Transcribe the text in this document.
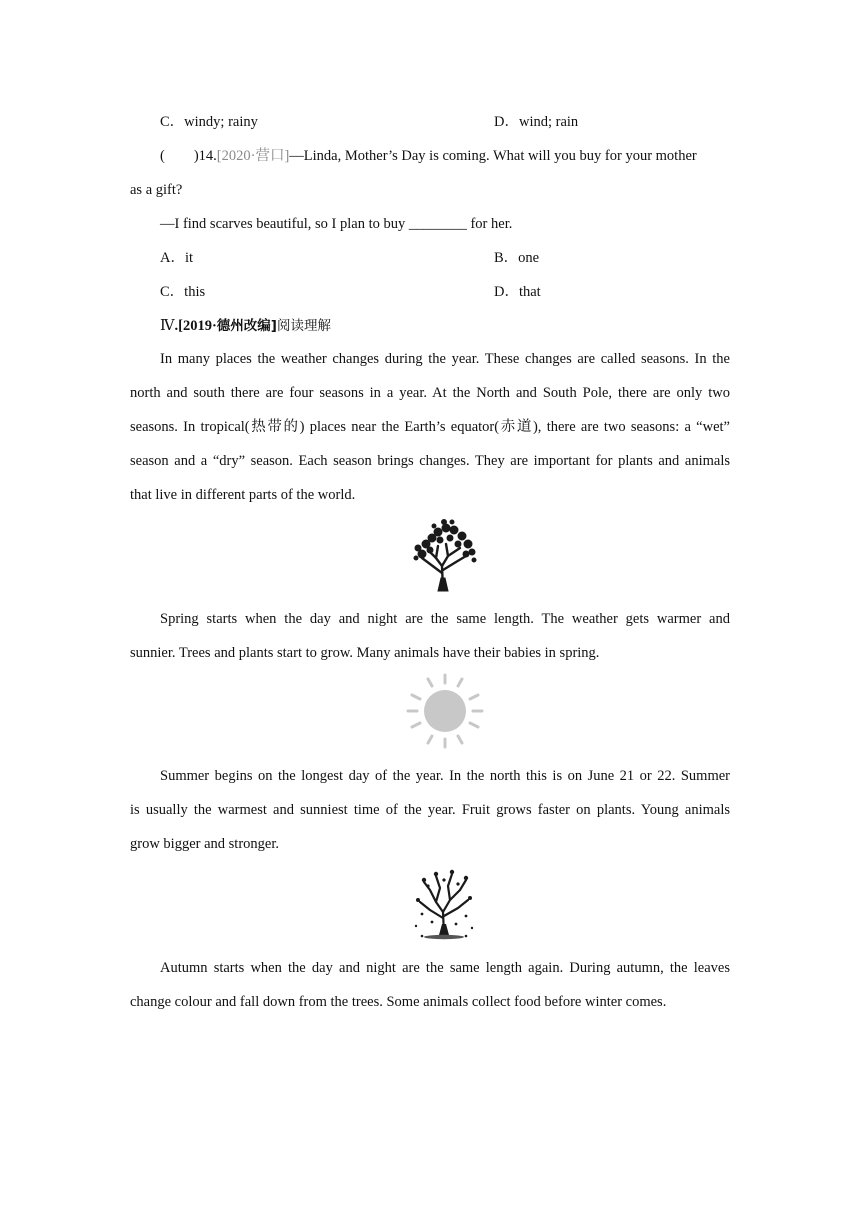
C．windy; rainy	D．wind; rain
(　　)14.[2020·营口]—Linda, Mother’s Day is coming. What will you buy for your mother
as a gift?
—I find scarves beautiful, so I plan to buy ________ for her.
A．it	B．one
C．this	D．that
Ⅳ.[2019·德州改编]阅读理解
In many places the weather changes during the year. These changes are called seasons. In the
north and south there are four seasons in a year. At the North and South Pole, there are only two
seasons. In tropical(热带的) places near the Earth’s equator(赤道), there are two seasons: a “wet”
season and a “dry” season. Each season brings changes. They are important for plants and animals
that live in different parts of the world.
Spring starts when the day and night are the same length. The weather gets warmer and
sunnier. Trees and plants start to grow. Many animals have their babies in spring.
Summer begins on the longest day of the year. In the north this is on June 21 or 22. Summer
is usually the warmest and sunniest time of the year. Fruit grows faster on plants. Young animals
grow bigger and stronger.
Autumn starts when the day and night are the same length again. During autumn, the leaves
change colour and fall down from the trees. Some animals collect food before winter comes.
